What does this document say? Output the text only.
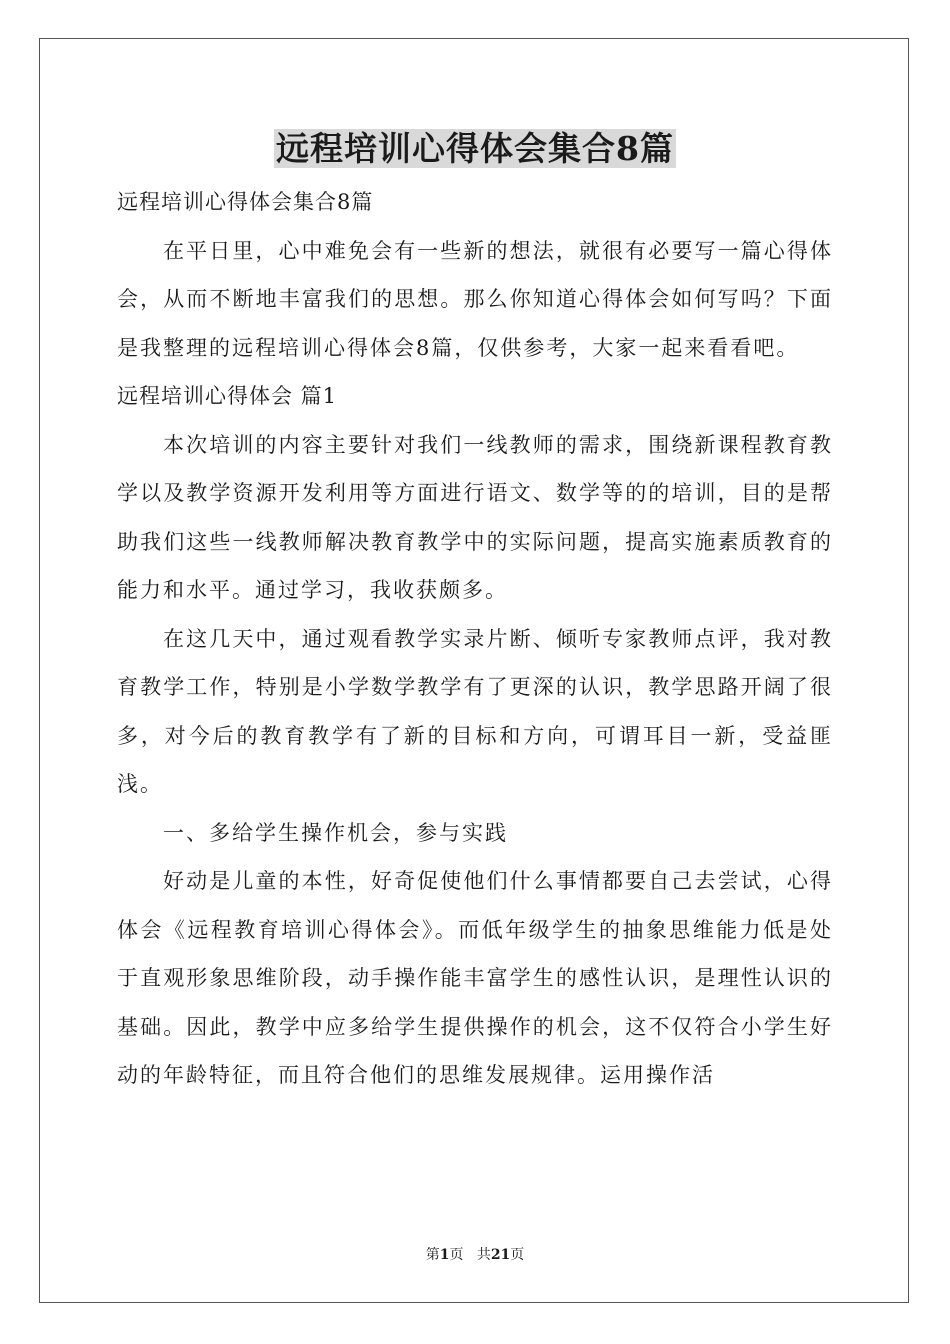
远程培训心得体会集合8篇

远程培训心得体会集合8篇

在平日里，心中难免会有一些新的想法，就很有必要写一篇心得体会，从而不断地丰富我们的思想。那么你知道心得体会如何写吗？下面是我整理的远程培训心得体会8篇，仅供参考，大家一起来看看吧。

远程培训心得体会 篇1

本次培训的内容主要针对我们一线教师的需求，围绕新课程教育教学以及教学资源开发利用等方面进行语文、数学等的的培训，目的是帮助我们这些一线教师解决教育教学中的实际问题，提高实施素质教育的能力和水平。通过学习，我收获颇多。

在这几天中，通过观看教学实录片断、倾听专家教师点评，我对教育教学工作，特别是小学数学教学有了更深的认识，教学思路开阔了很多，对今后的教育教学有了新的目标和方向，可谓耳目一新，受益匪浅。

一、多给学生操作机会，参与实践

好动是儿童的本性，好奇促使他们什么事情都要自己去尝试，心得体会《远程教育培训心得体会》。而低年级学生的抽象思维能力低是处于直观形象思维阶段，动手操作能丰富学生的感性认识，是理性认识的基础。因此，教学中应多给学生提供操作的机会，这不仅符合小学生好动的年龄特征，而且符合他们的思维发展规律。运用操作活

第1页 共21页
